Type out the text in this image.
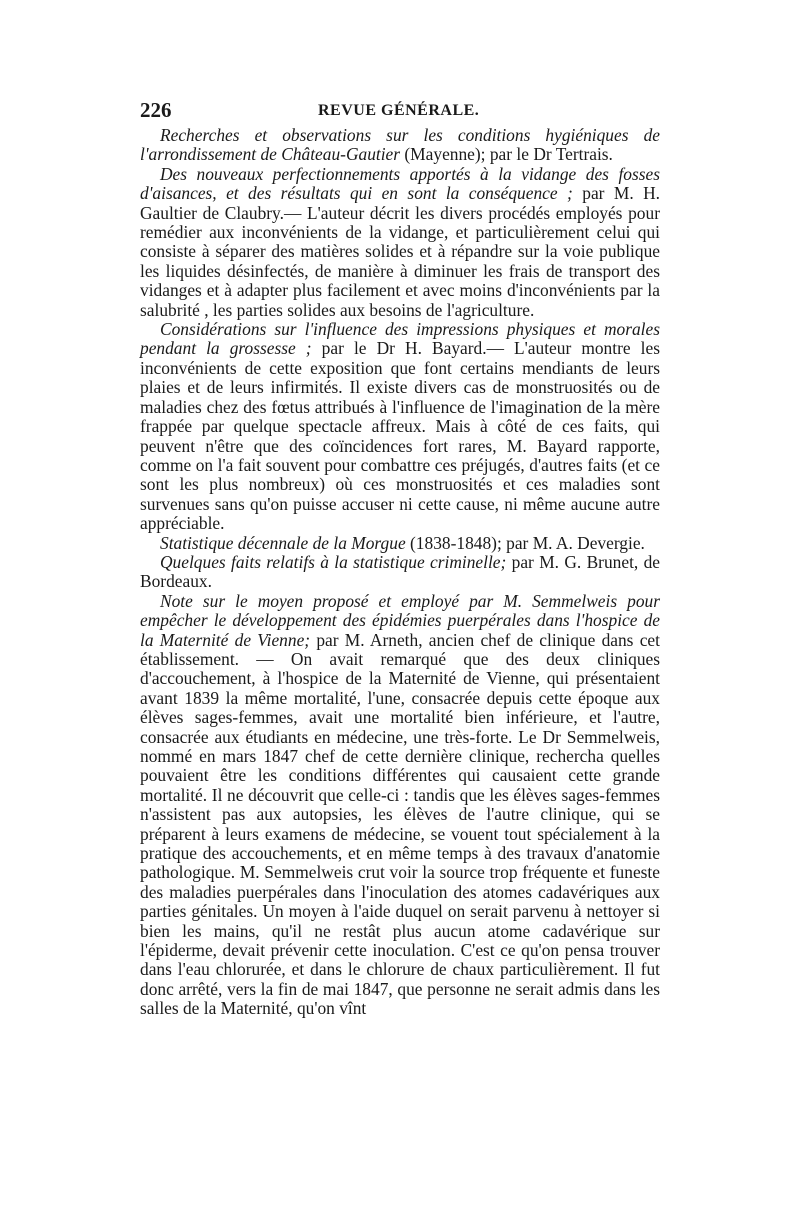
226	REVUE GÉNÉRALE.

Recherches et observations sur les conditions hygiéniques de l'arrondissement de Château-Gautier (Mayenne); par le Dr Tertrais.

Des nouveaux perfectionnements apportés à la vidange des fosses d'aisances, et des résultats qui en sont la conséquence ; par M. H. Gaultier de Claubry.— L'auteur décrit les divers procédés employés pour remédier aux inconvénients de la vidange, et particulièrement celui qui consiste à séparer des matières solides et à répandre sur la voie publique les liquides désinfectés, de manière à diminuer les frais de transport des vidanges et à adapter plus facilement et avec moins d'inconvénients par la salubrité , les parties solides aux besoins de l'agriculture.

Considérations sur l'influence des impressions physiques et morales pendant la grossesse ; par le Dr H. Bayard.— L'auteur montre les inconvénients de cette exposition que font certains mendiants de leurs plaies et de leurs infirmités. Il existe divers cas de monstruosités ou de maladies chez des fœtus attribués à l'influence de l'imagination de la mère frappée par quelque spectacle affreux. Mais à côté de ces faits, qui peuvent n'être que des coïncidences fort rares, M. Bayard rapporte, comme on l'a fait souvent pour combattre ces préjugés, d'autres faits (et ce sont les plus nombreux) où ces monstruosités et ces maladies sont survenues sans qu'on puisse accuser ni cette cause, ni même aucune autre appréciable.

Statistique décennale de la Morgue (1838-1848); par M. A. Devergie.

Quelques faits relatifs à la statistique criminelle; par M. G. Brunet, de Bordeaux.

Note sur le moyen proposé et employé par M. Semmelweis pour empêcher le développement des épidémies puerpérales dans l'hospice de la Maternité de Vienne; par M. Arneth, ancien chef de clinique dans cet établissement. — On avait remarqué que des deux cliniques d'accouchement, à l'hospice de la Maternité de Vienne, qui présentaient avant 1839 la même mortalité, l'une, consacrée depuis cette époque aux élèves sages-femmes, avait une mortalité bien inférieure, et l'autre, consacrée aux étudiants en médecine, une très-forte. Le Dr Semmelweis, nommé en mars 1847 chef de cette dernière clinique, rechercha quelles pouvaient être les conditions différentes qui causaient cette grande mortalité. Il ne découvrit que celle-ci : tandis que les élèves sages-femmes n'assistent pas aux autopsies, les élèves de l'autre clinique, qui se préparent à leurs examens de médecine, se vouent tout spécialement à la pratique des accouchements, et en même temps à des travaux d'anatomie pathologique. M. Semmelweis crut voir la source trop fréquente et funeste des maladies puerpérales dans l'inoculation des atomes cadavériques aux parties génitales. Un moyen à l'aide duquel on serait parvenu à nettoyer si bien les mains, qu'il ne restât plus aucun atome cadavérique sur l'épiderme, devait prévenir cette inoculation. C'est ce qu'on pensa trouver dans l'eau chlorurée, et dans le chlorure de chaux particulièrement. Il fut donc arrêté, vers la fin de mai 1847, que personne ne serait admis dans les salles de la Maternité, qu'on vînt
